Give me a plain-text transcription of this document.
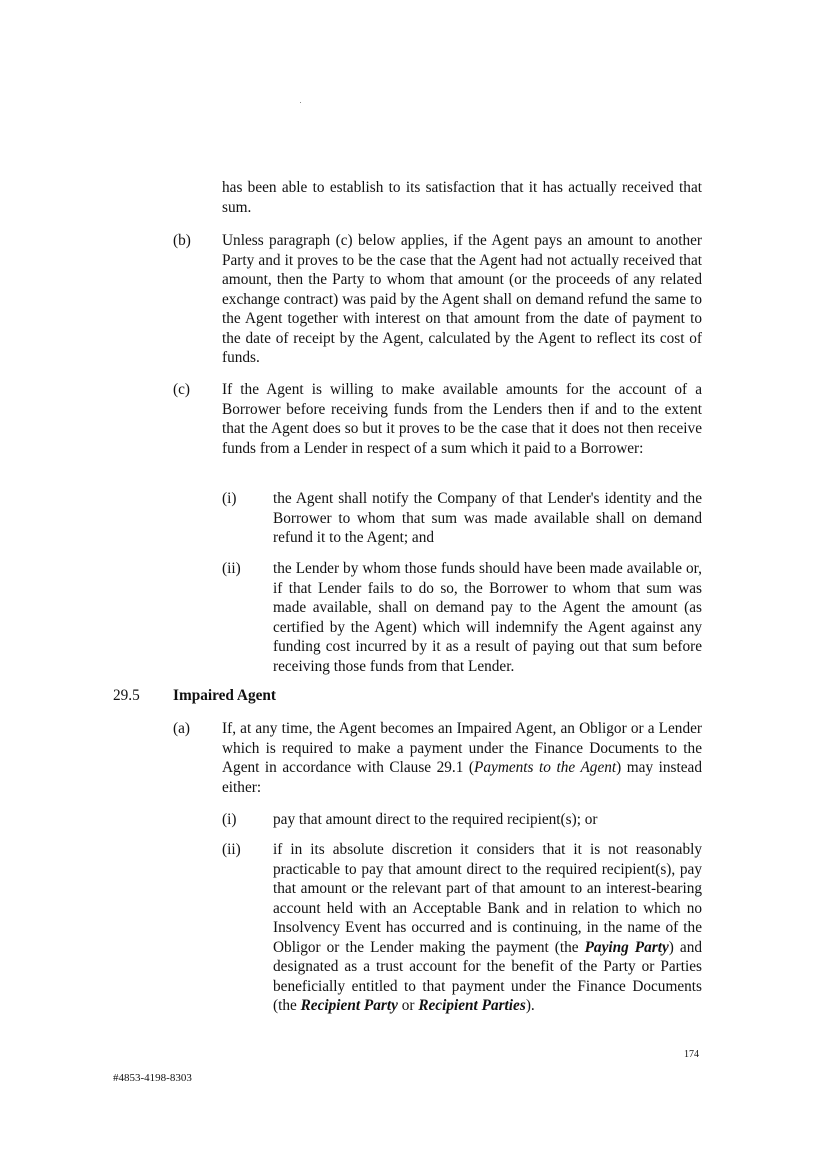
has been able to establish to its satisfaction that it has actually received that sum.

(b) Unless paragraph (c) below applies, if the Agent pays an amount to another Party and it proves to be the case that the Agent had not actually received that amount, then the Party to whom that amount (or the proceeds of any related exchange contract) was paid by the Agent shall on demand refund the same to the Agent together with interest on that amount from the date of payment to the date of receipt by the Agent, calculated by the Agent to reflect its cost of funds.

(c) If the Agent is willing to make available amounts for the account of a Borrower before receiving funds from the Lenders then if and to the extent that the Agent does so but it proves to be the case that it does not then receive funds from a Lender in respect of a sum which it paid to a Borrower:

(i) the Agent shall notify the Company of that Lender's identity and the Borrower to whom that sum was made available shall on demand refund it to the Agent; and

(ii) the Lender by whom those funds should have been made available or, if that Lender fails to do so, the Borrower to whom that sum was made available, shall on demand pay to the Agent the amount (as certified by the Agent) which will indemnify the Agent against any funding cost incurred by it as a result of paying out that sum before receiving those funds from that Lender.

29.5 Impaired Agent

(a) If, at any time, the Agent becomes an Impaired Agent, an Obligor or a Lender which is required to make a payment under the Finance Documents to the Agent in accordance with Clause 29.1 (Payments to the Agent) may instead either:

(i) pay that amount direct to the required recipient(s); or

(ii) if in its absolute discretion it considers that it is not reasonably practicable to pay that amount direct to the required recipient(s), pay that amount or the relevant part of that amount to an interest-bearing account held with an Acceptable Bank and in relation to which no Insolvency Event has occurred and is continuing, in the name of the Obligor or the Lender making the payment (the Paying Party) and designated as a trust account for the benefit of the Party or Parties beneficially entitled to that payment under the Finance Documents (the Recipient Party or Recipient Parties).

174
#4853-4198-8303
